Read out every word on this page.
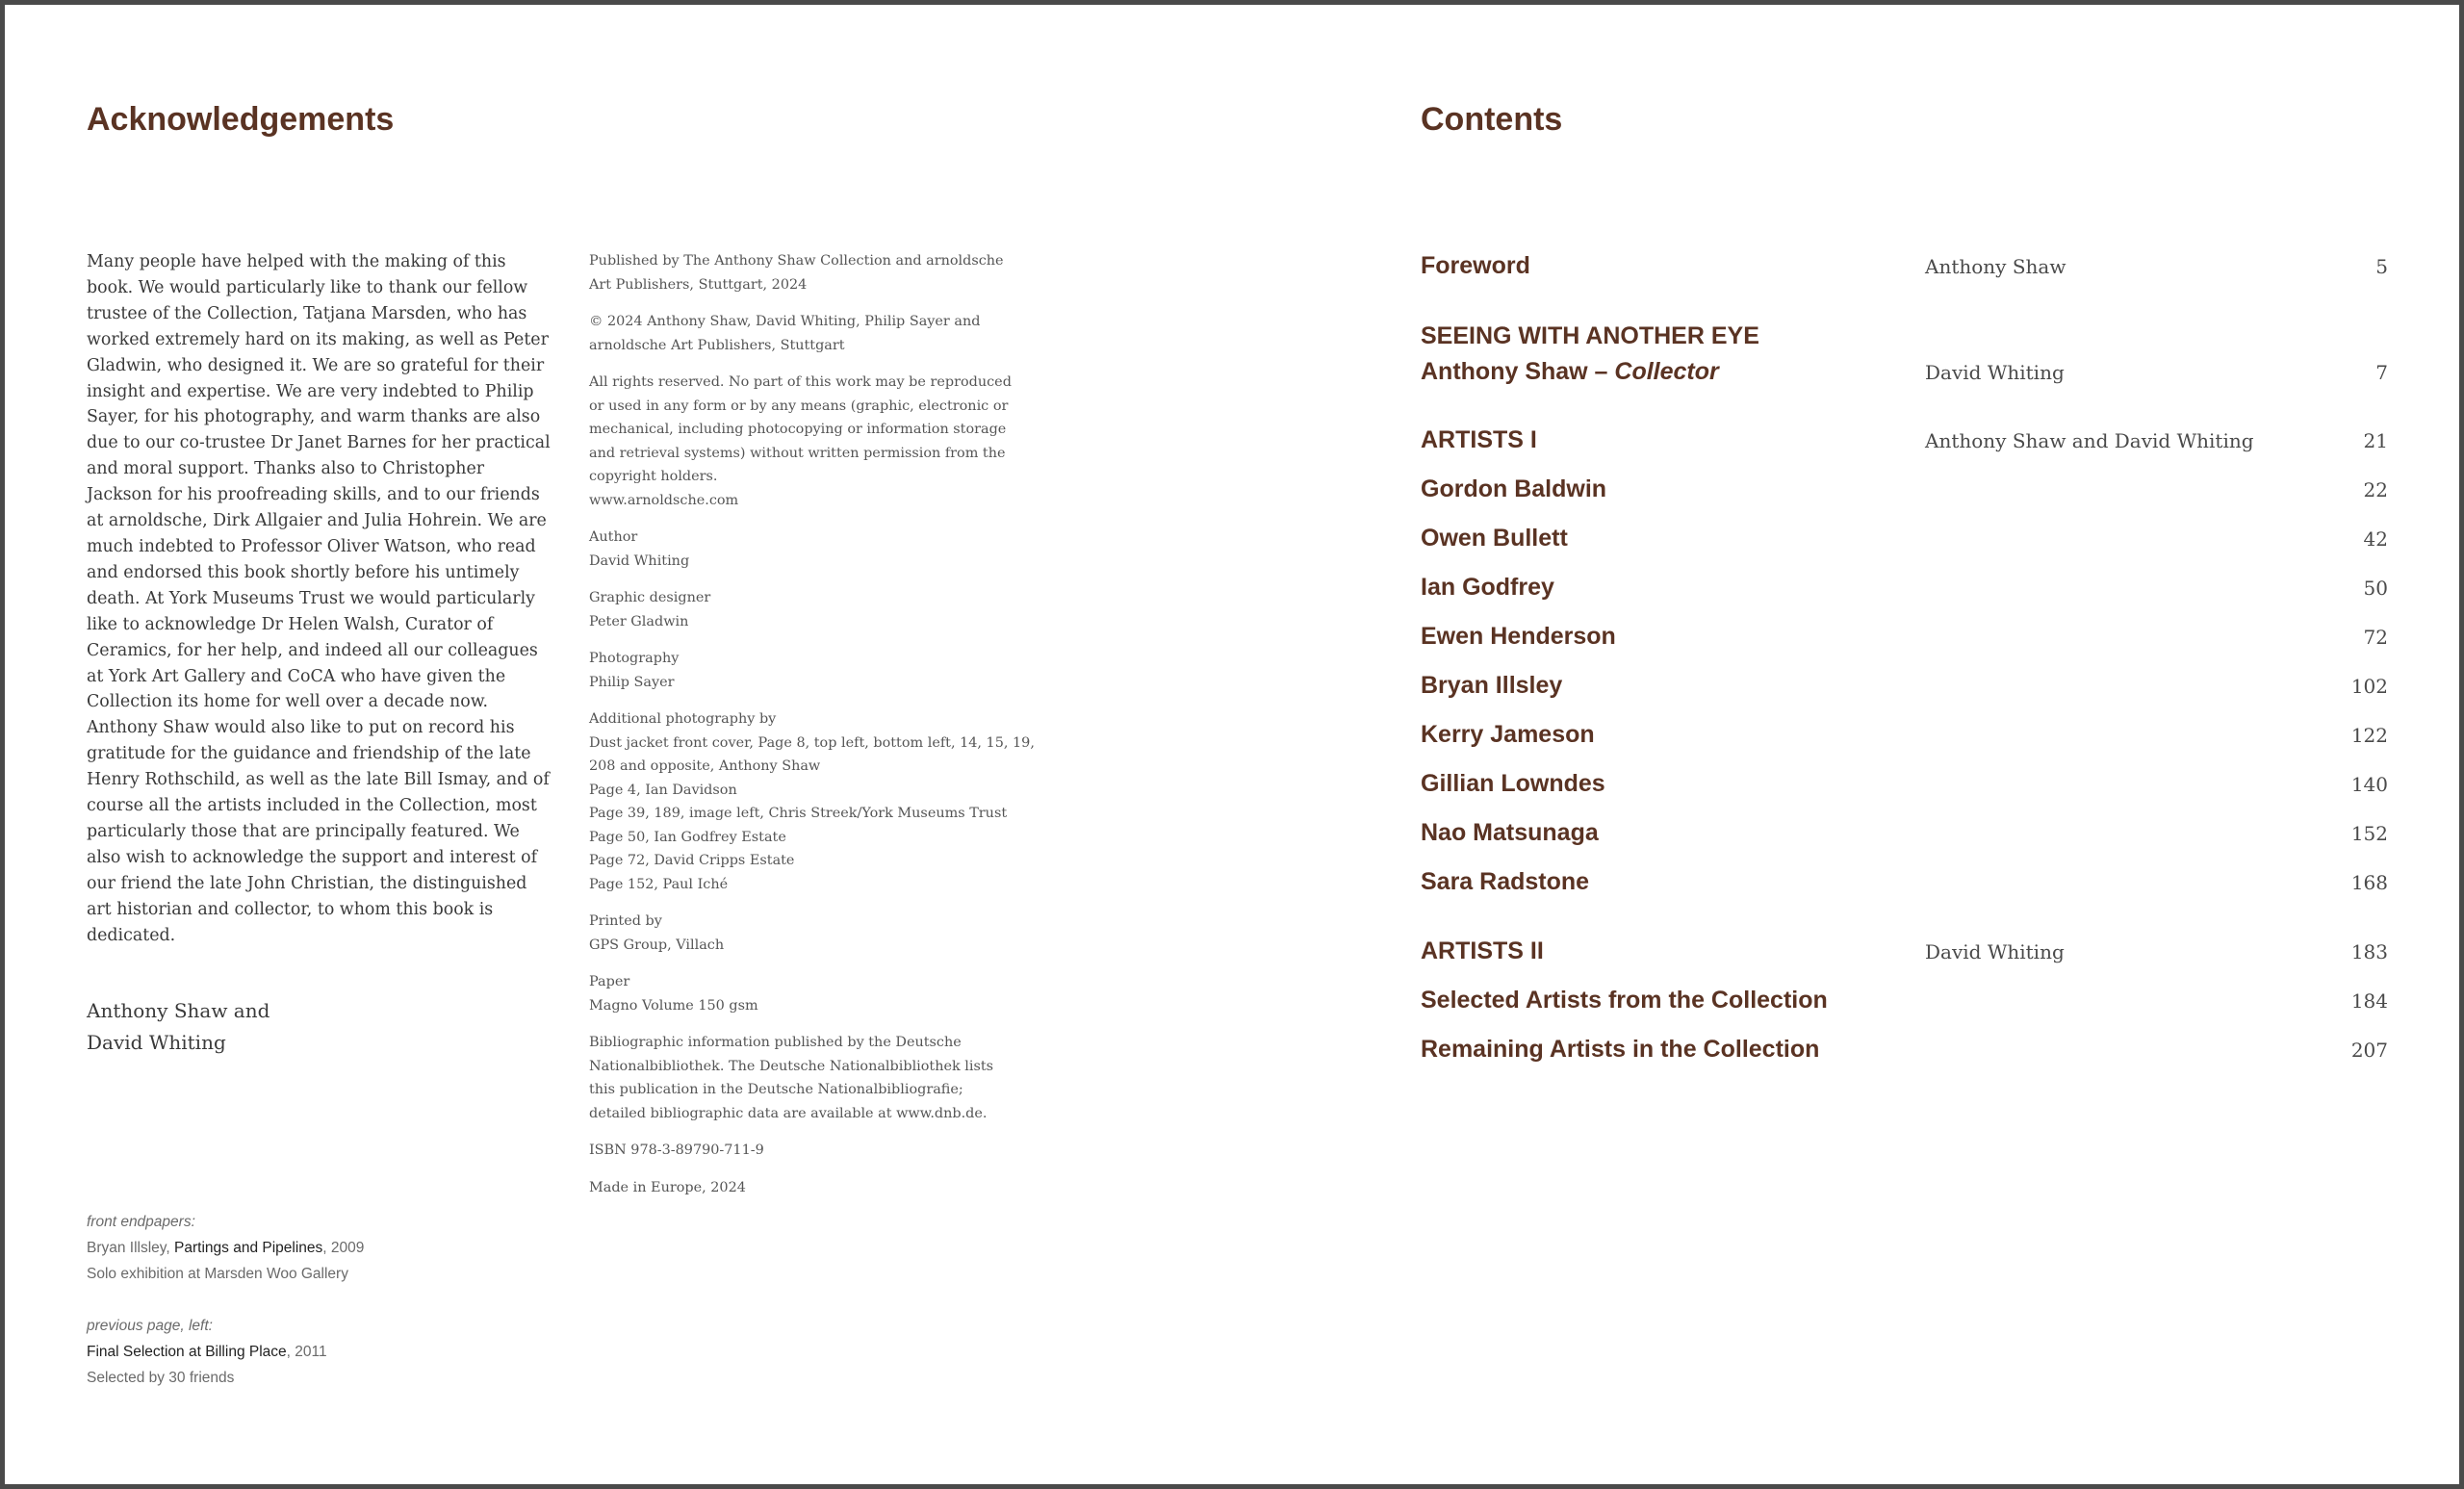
Acknowledgements
Many people have helped with the making of this book. We would particularly like to thank our fellow trustee of the Collection, Tatjana Marsden, who has worked extremely hard on its making, as well as Peter Gladwin, who designed it. We are so grateful for their insight and expertise. We are very indebted to Philip Sayer, for his photography, and warm thanks are also due to our co-trustee Dr Janet Barnes for her practical and moral support. Thanks also to Christopher Jackson for his proofreading skills, and to our friends at arnoldsche, Dirk Allgaier and Julia Hohrein. We are much indebted to Professor Oliver Watson, who read and endorsed this book shortly before his untimely death. At York Museums Trust we would particularly like to acknowledge Dr Helen Walsh, Curator of Ceramics, for her help, and indeed all our colleagues at York Art Gallery and CoCA who have given the Collection its home for well over a decade now. Anthony Shaw would also like to put on record his gratitude for the guidance and friendship of the late Henry Rothschild, as well as the late Bill Ismay, and of course all the artists included in the Collection, most particularly those that are principally featured. We also wish to acknowledge the support and interest of our friend the late John Christian, the distinguished art historian and collector, to whom this book is dedicated.
Anthony Shaw and
David Whiting
front endpapers:
Bryan Illsley, Partings and Pipelines, 2009
Solo exhibition at Marsden Woo Gallery
previous page, left:
Final Selection at Billing Place, 2011
Selected by 30 friends
Published by The Anthony Shaw Collection and arnoldsche
Art Publishers, Stuttgart, 2024
© 2024 Anthony Shaw, David Whiting, Philip Sayer and
arnoldsche Art Publishers, Stuttgart
All rights reserved. No part of this work may be reproduced
or used in any form or by any means (graphic, electronic or
mechanical, including photocopying or information storage
and retrieval systems) without written permission from the
copyright holders.
www.arnoldsche.com
Author
David Whiting
Graphic designer
Peter Gladwin
Photography
Philip Sayer
Additional photography by
Dust jacket front cover, Page 8, top left, bottom left, 14, 15, 19,
208 and opposite, Anthony Shaw
Page 4, Ian Davidson
Page 39, 189, image left, Chris Streek/York Museums Trust
Page 50, Ian Godfrey Estate
Page 72, David Cripps Estate
Page 152, Paul Iché
Printed by
GPS Group, Villach
Paper
Magno Volume 150 gsm
Bibliographic information published by the Deutsche
Nationalbibliothek. The Deutsche Nationalbibliothek lists
this publication in the Deutsche Nationalbibliografie;
detailed bibliographic data are available at www.dnb.de.
ISBN 978-3-89790-711-9
Made in Europe, 2024
Contents
Foreword	Anthony Shaw	5
SEEING WITH ANOTHER EYE
Anthony Shaw – Collector	David Whiting	7
ARTISTS I	Anthony Shaw and David Whiting	21
Gordon Baldwin	22
Owen Bullett	42
Ian Godfrey	50
Ewen Henderson	72
Bryan Illsley	102
Kerry Jameson	122
Gillian Lowndes	140
Nao Matsunaga	152
Sara Radstone	168
ARTISTS II	David Whiting	183
Selected Artists from the Collection	184
Remaining Artists in the Collection	207
